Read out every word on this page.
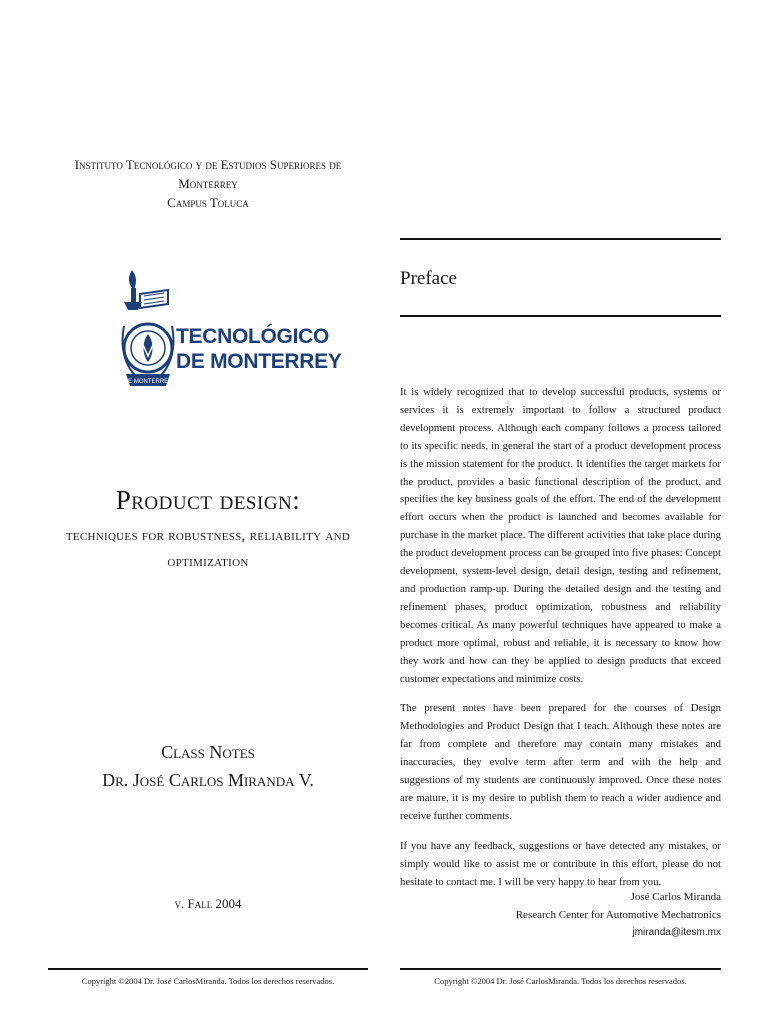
Instituto Tecnológico y de Estudios Superiores de Monterrey
Campus Toluca
DE MONTERREY
TECNOLÓGICO
DE MONTERREY
Product design:
techniques for robustness, reliability and
optimization
Class Notes
Dr. José Carlos Miranda V.
v. Fall 2004
Copyright ©2004 Dr. José CarlosMiranda. Todos los derechos reservados.
Preface

It is widely recognized that to develop successful products, systems or services it is extremely important to follow a structured product development process. Although each company follows a process tailored to its specific needs, in general the start of a product development process is the mission statement for the product. It identifies the target markets for the product, provides a basic functional description of the product, and specifies the key business goals of the effort. The end of the development effort occurs when the product is launched and becomes available for purchase in the market place. The different activities that take place during the product development process can be grouped into five phases: Concept development, system-level design, detail design, testing and refinement, and production ramp-up. During the detailed design and the testing and refinement phases, product optimization, robustness and reliability becomes critical. As many powerful techniques have appeared to make a product more optimal, robust and reliable, it is necessary to know how they work and how can they be applied to design products that exceed customer expectations and minimize costs.

The present notes have been prepared for the courses of Design Methodologies and Product Design that I teach. Although these notes are far from complete and therefore may contain many mistakes and inaccuracies, they evolve term after term and with the help and suggestions of my students are continuously improved. Once these notes are mature, it is my desire to publish them to reach a wider audience and receive further comments.

If you have any feedback, suggestions or have detected any mistakes, or simply would like to assist me or contribute in this effort, please do not hesitate to contact me. I will be very happy to hear from you.

José Carlos Miranda
Research Center for Automotive Mechatronics
jmiranda@itesm.mx
Copyright ©2004 Dr. José CarlosMiranda. Todos los derechos reservados.
